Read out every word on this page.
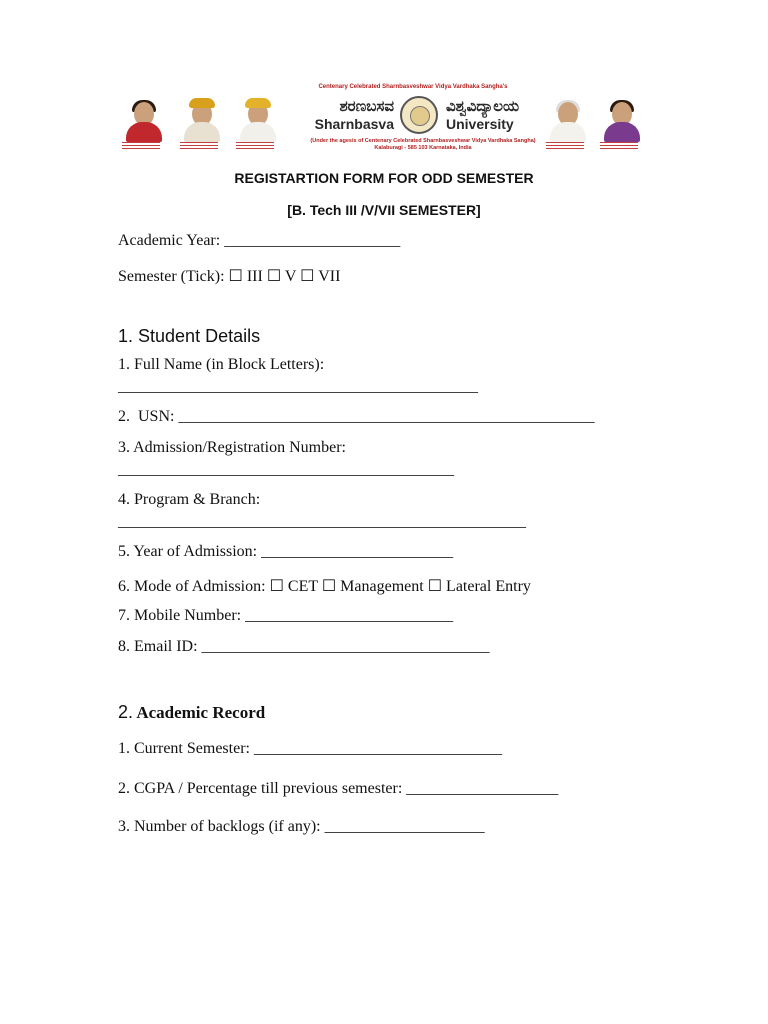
Centenary Celebrated Sharnbasveshwar Vidya Vardhaka Sangha's
ಶರಣಬಸವ
Sharnbasva
ವಿಶ್ವವಿದ್ಯಾಲಯ
University
(Under the agesis of Centenary Celebrated Sharnbasveshwar Vidya Vardhaka Sangha)
Kalaburagi - 585 103 Karnataka, India
REGISTARTION FORM FOR ODD SEMESTER
[B. Tech III /V/VII SEMESTER]
Academic Year: ______________________
Semester (Tick): ☐ III ☐ V ☐ VII
1. Student Details
1. Full Name (in Block Letters):
_____________________________________________
2.  USN: ____________________________________________________
3. Admission/Registration Number:
__________________________________________
4. Program & Branch:
___________________________________________________
5. Year of Admission: ________________________
6. Mode of Admission: ☐ CET ☐ Management ☐ Lateral Entry
7. Mobile Number: __________________________
8. Email ID: ____________________________________
2. Academic Record
1. Current Semester: _______________________________
2. CGPA / Percentage till previous semester: ___________________
3. Number of backlogs (if any): ____________________
